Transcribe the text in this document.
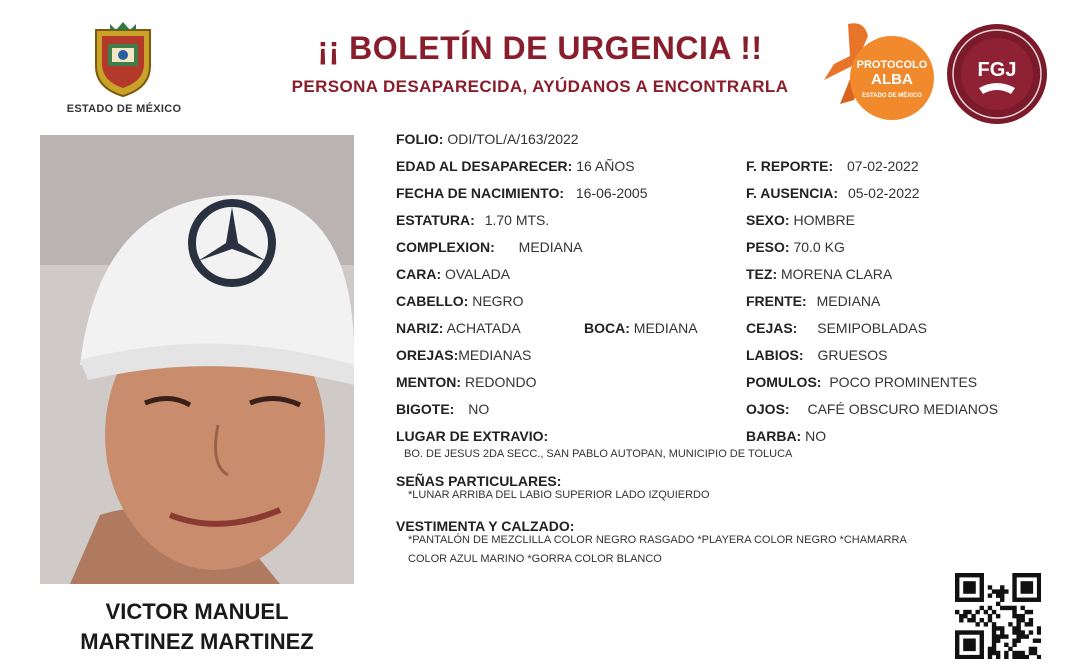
ESTADO DE MÉXICO
¡¡ BOLETÍN DE URGENCIA !!
PERSONA DESAPARECIDA, AYÚDANOS A ENCONTRARLA
PROTOCOLO
ALBA
ESTADO DE MÉXICO
FGJ
VICTOR MANUEL
MARTINEZ MARTINEZ
FOLIO: ODI/TOL/A/163/2022
EDAD AL DESAPARECER: 16 AÑOS
FECHA DE NACIMIENTO: 16-06-2005
ESTATURA: 1.70 MTS.
COMPLEXION: MEDIANA
CARA: OVALADA
CABELLO: NEGRO
NARIZ: ACHATADA	BOCA: MEDIANA
OREJAS:MEDIANAS
MENTON: REDONDO
BIGOTE: NO
F. REPORTE: 07-02-2022
F. AUSENCIA: 05-02-2022
SEXO: HOMBRE
PESO: 70.0 KG
TEZ: MORENA CLARA
FRENTE: MEDIANA
CEJAS: SEMIPOBLADAS
LABIOS: GRUESOS
POMULOS: POCO PROMINENTES
OJOS: CAFÉ OBSCURO MEDIANOS
BARBA: NO
LUGAR DE EXTRAVIO:
BO. DE JESUS 2DA SECC., SAN PABLO AUTOPAN, MUNICIPIO DE TOLUCA
SEÑAS PARTICULARES:
*LUNAR ARRIBA DEL LABIO SUPERIOR LADO IZQUIERDO
VESTIMENTA Y CALZADO:
*PANTALÓN DE MEZCLILLA COLOR NEGRO RASGADO *PLAYERA COLOR NEGRO *CHAMARRA
COLOR AZUL MARINO *GORRA COLOR BLANCO
